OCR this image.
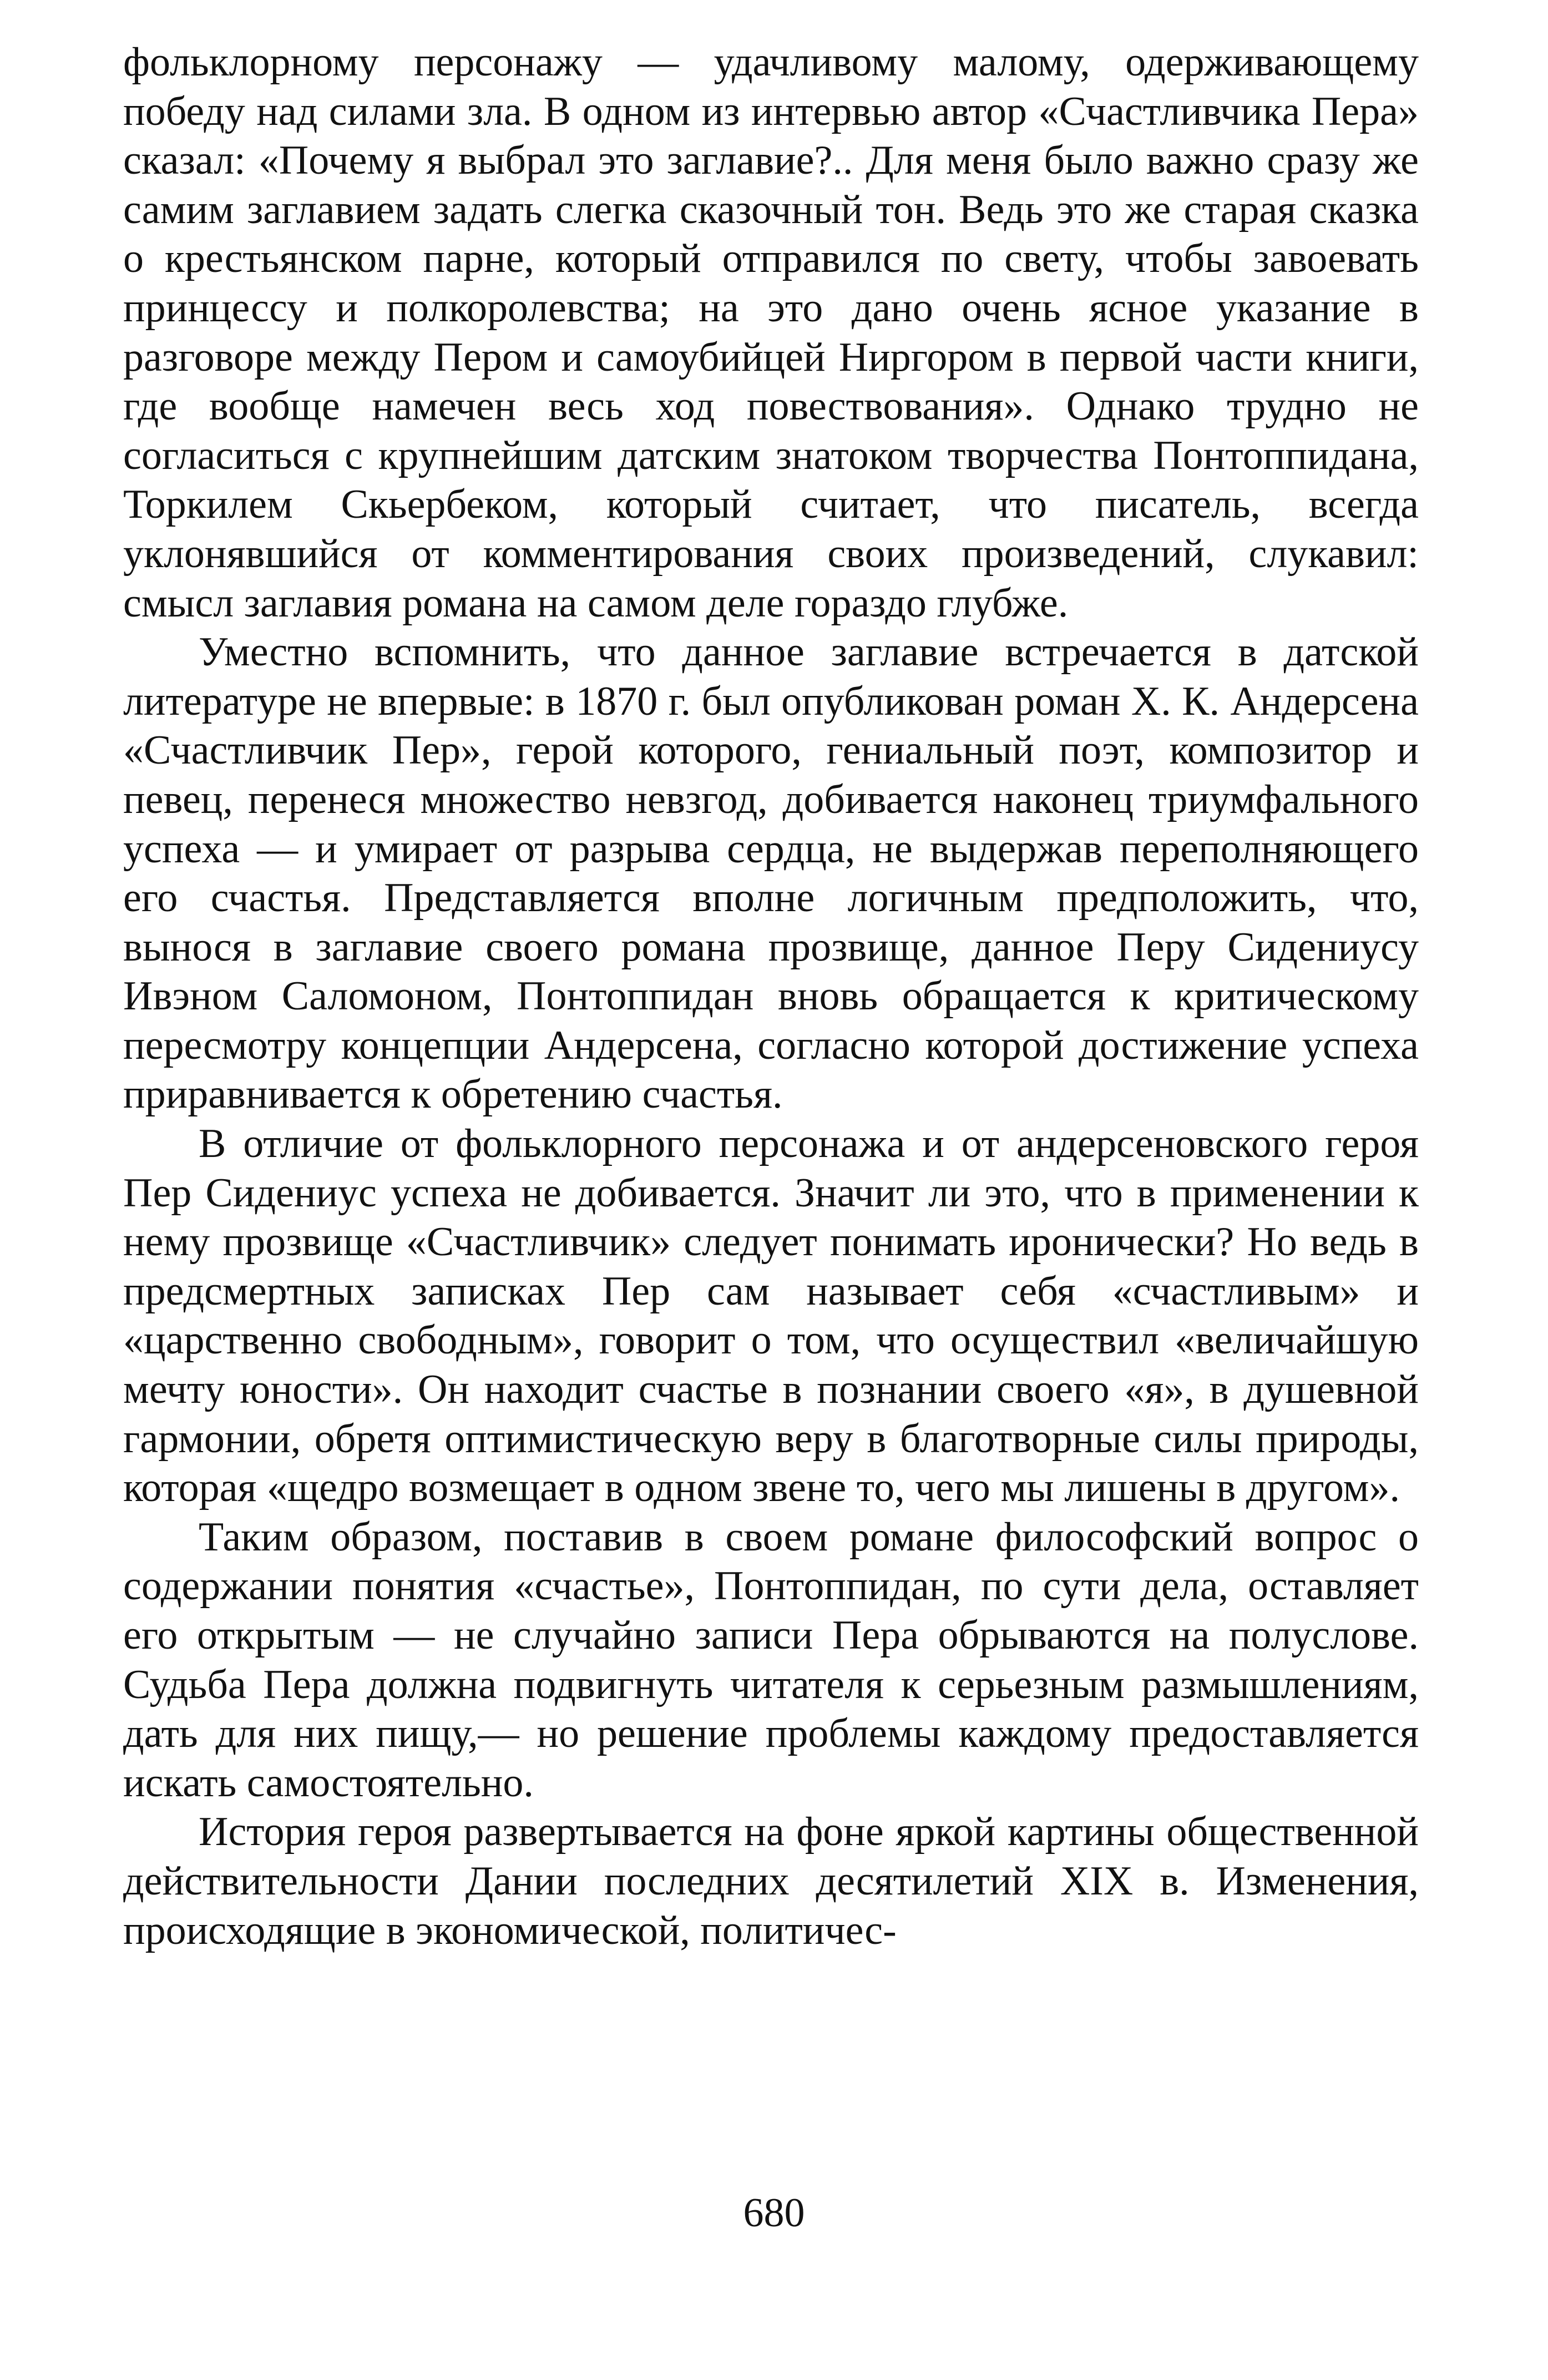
фольклорному персонажу — удачливому малому, одерживающему победу над силами зла. В одном из интервью автор «Счастливчика Пера» сказал: «Почему я выбрал это заглавие?.. Для меня было важно сразу же самим заглавием задать слегка сказочный тон. Ведь это же старая сказка о крестьянском парне, который отправился по свету, чтобы завоевать принцессу и полкоролевства; на это дано очень ясное указание в разговоре между Пером и самоубийцей Ниргором в первой части книги, где вообще намечен весь ход повествования». Однако трудно не согласиться с крупнейшим датским знатоком творчества Понтоппидана, Торкилем Скьербеком, который считает, что писатель, всегда уклонявшийся от комментирования своих произведений, слукавил: смысл заглавия романа на самом деле гораздо глубже.

Уместно вспомнить, что данное заглавие встречается в датской литературе не впервые: в 1870 г. был опубликован роман Х. К. Андерсена «Счастливчик Пер», герой которого, гениальный поэт, композитор и певец, перенеся множество невзгод, добивается наконец триумфального успеха — и умирает от разрыва сердца, не выдержав переполняющего его счастья. Представляется вполне логичным предположить, что, вынося в заглавие своего романа прозвище, данное Перу Сидениусу Ивэном Саломоном, Понтоппидан вновь обращается к критическому пересмотру концепции Андерсена, согласно которой достижение успеха приравнивается к обретению счастья.

В отличие от фольклорного персонажа и от андерсеновского героя Пер Сидениус успеха не добивается. Значит ли это, что в применении к нему прозвище «Счастливчик» следует понимать иронически? Но ведь в предсмертных записках Пер сам называет себя «счастливым» и «царственно свободным», говорит о том, что осуществил «величайшую мечту юности». Он находит счастье в познании своего «я», в душевной гармонии, обретя оптимистическую веру в благотворные силы природы, которая «щедро возмещает в одном звене то, чего мы лишены в другом».

Таким образом, поставив в своем романе философский вопрос о содержании понятия «счастье», Понтоппидан, по сути дела, оставляет его открытым — не случайно записи Пера обрываются на полуслове. Судьба Пера должна подвигнуть читателя к серьезным размышлениям, дать для них пищу,— но решение проблемы каждому предоставляется искать самостоятельно.

История героя развертывается на фоне яркой картины общественной действительности Дании последних десятилетий XIX в. Изменения, происходящие в экономической, политичес-

680
